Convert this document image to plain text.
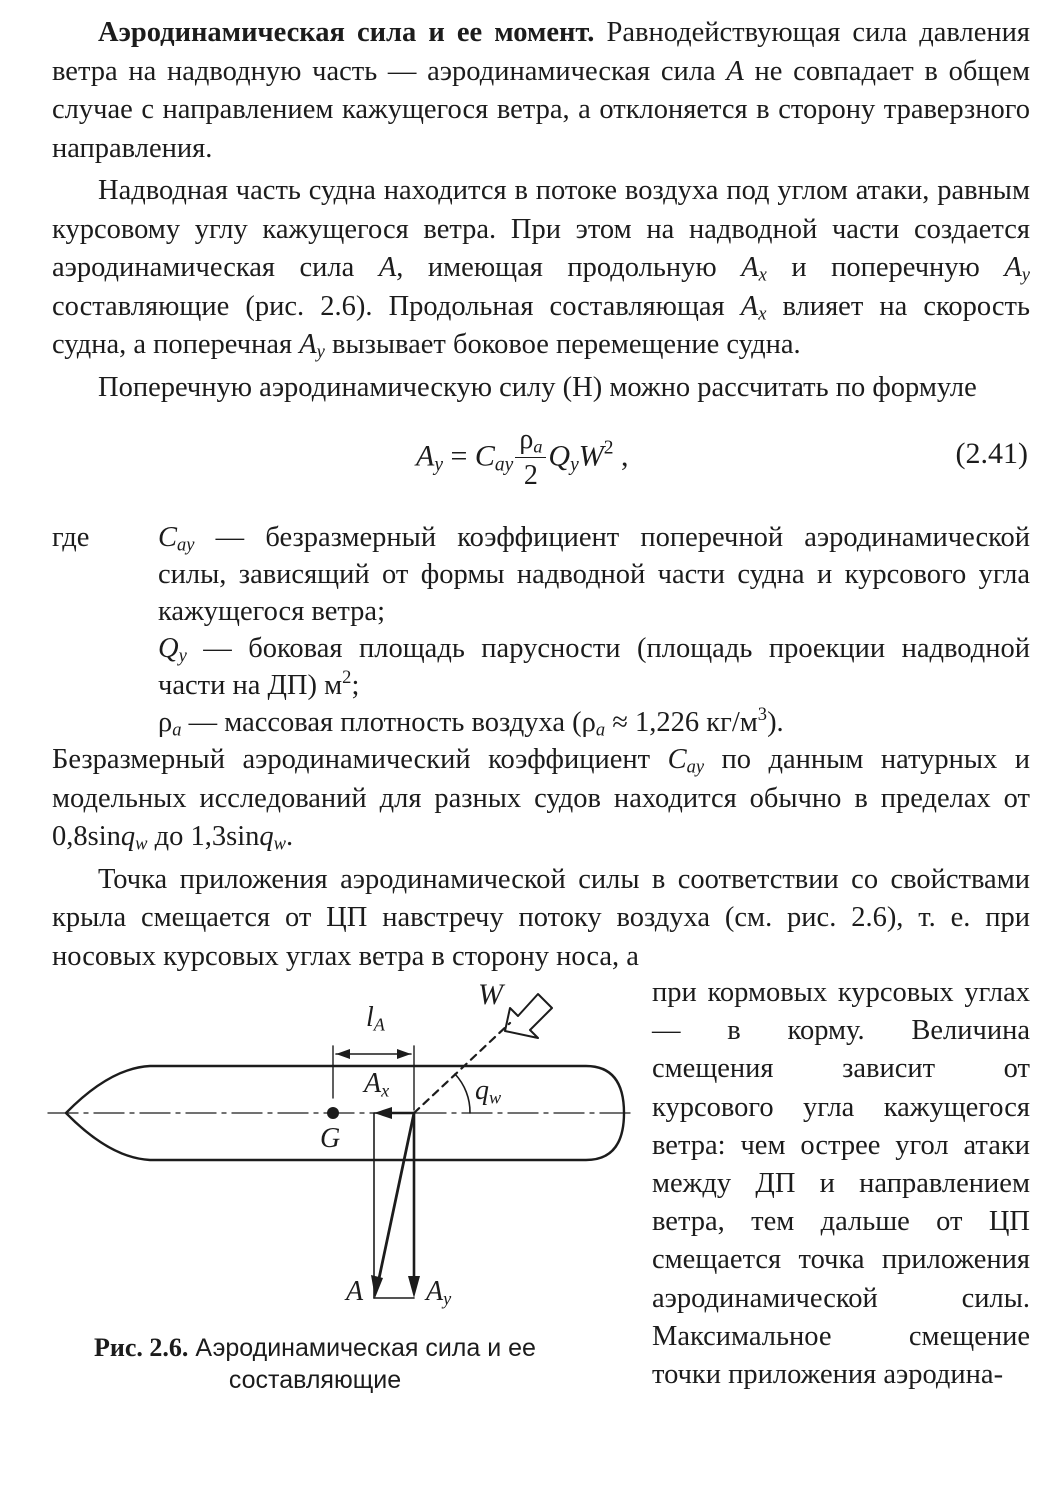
Аэродинамическая сила и ее момент. Равнодействующая сила давления ветра на надводную часть — аэродинамическая сила A не совпадает в общем случае с направлением кажущегося ветра, а отклоняется в сторону траверзного направления.

Надводная часть судна находится в потоке воздуха под углом атаки, равным курсовому углу кажущегося ветра. При этом на надводной части создается аэродинамическая сила A, имеющая продольную $A_x$ и поперечную $A_y$ составляющие (рис. 2.6). Продольная составляющая $A_x$ влияет на скорость судна, а поперечная $A_y$ вызывает боковое перемещение судна.

Поперечную аэродинамическую силу (Н) можно рассчитать по формуле

$A_y = C_{ay} \frac{\rho_a}{2} Q_yW^2$ ,	(2.41)
где $C_{ay}$ — безразмерный коэффициент поперечной аэродинамической силы, зависящий от формы надводной части судна и курсового угла кажущегося ветра;
$Q_y$ — боковая площадь парусности (площадь проекции надводной части на ДП) $м^2$;
$\rho_a$ — массовая плотность воздуха ($\rho_a \approx 1,226$ $кг/м^3$).

Безразмерный аэродинамический коэффициент $C_{ay}$ по данным натурных и модельных исследований для разных судов находится обычно в пределах от 0,8sinq$_w$ до 1,3sinq$_w$.

Точка приложения аэродинамической силы в соответствии со свойствами крыла смещается от ЦП навстречу потоку воздуха (см. рис. 2.6), т. е. при носовых курсовых углах ветра в сторону носа, а

$l_A$
W
$A_x$	$q_w$
G
A $A_y$
Рис. 2.6. Аэродинамическая сила и ее составляющие

при кормовых курсовых углах — в корму. Величина смещения зависит от курсового угла кажущегося ветра: чем острее угол атаки между ДП и направлением ветра, тем дальше от ЦП смещается точка приложения аэродинамической силы. Максимальное смещение точки приложения аэродина-
